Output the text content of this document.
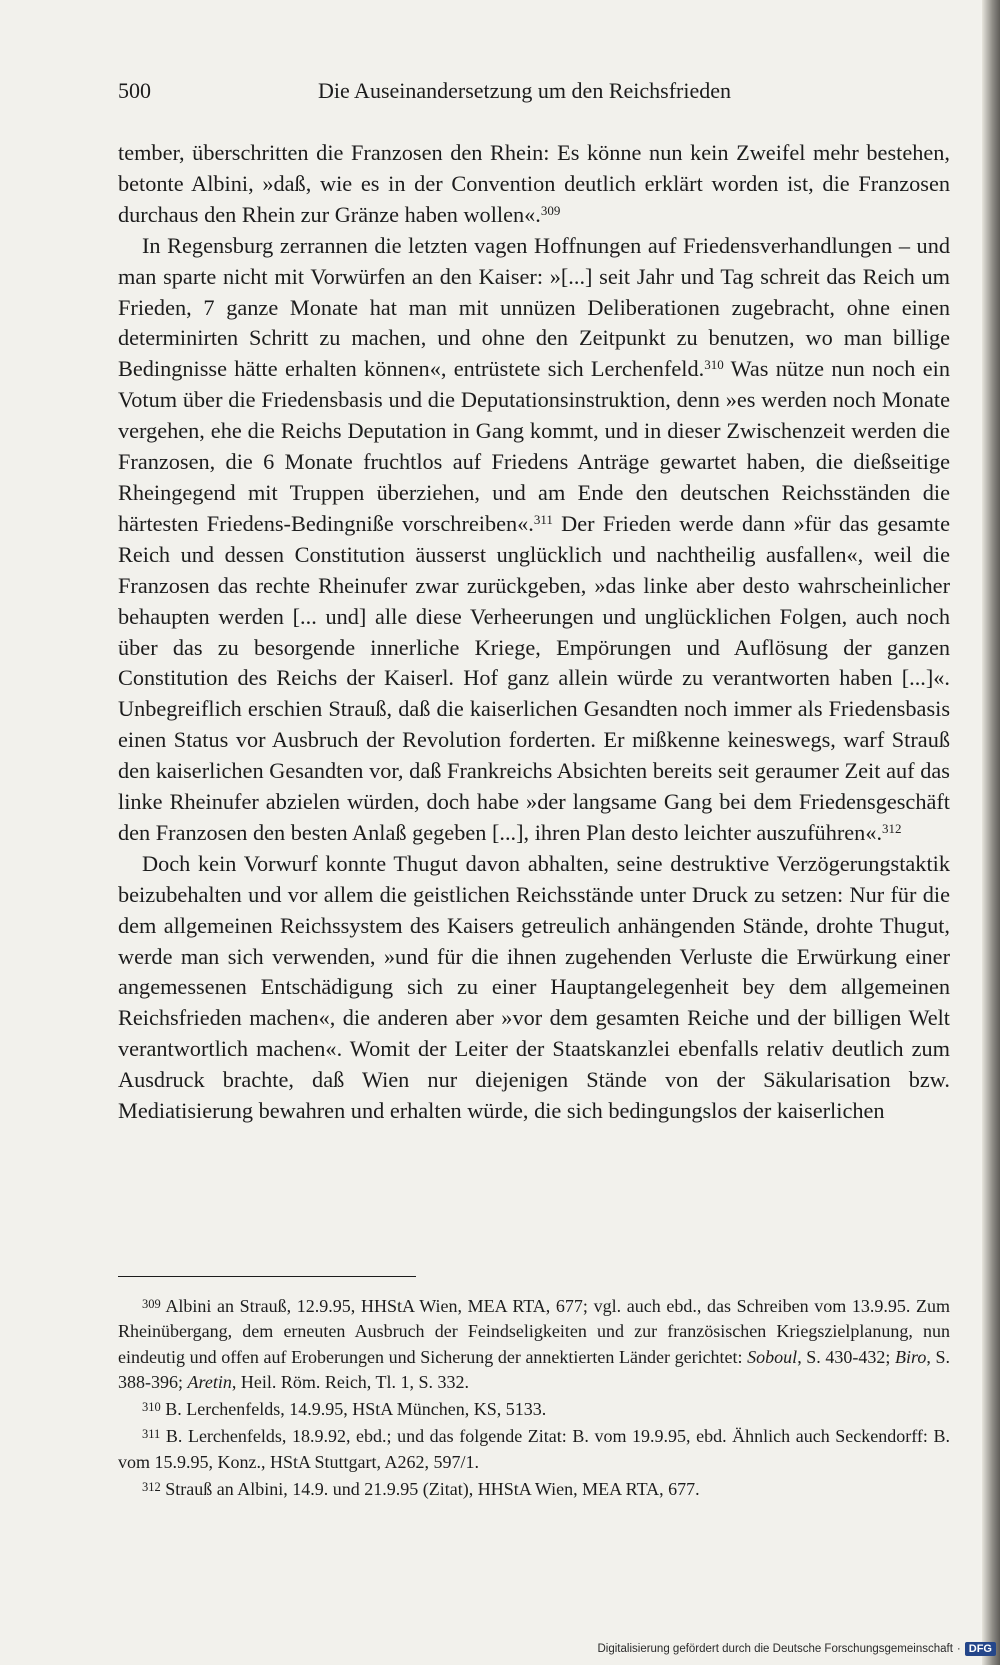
500	Die Auseinandersetzung um den Reichsfrieden

tember, überschritten die Franzosen den Rhein: Es könne nun kein Zweifel mehr bestehen, betonte Albini, »daß, wie es in der Convention deutlich erklärt worden ist, die Franzosen durchaus den Rhein zur Gränze haben wollen«.$^{309}$

In Regensburg zerrannen die letzten vagen Hoffnungen auf Friedensverhandlungen – und man sparte nicht mit Vorwürfen an den Kaiser: »[...] seit Jahr und Tag schreit das Reich um Frieden, 7 ganze Monate hat man mit unnüzen Deliberationen zugebracht, ohne einen determinirten Schritt zu machen, und ohne den Zeitpunkt zu benutzen, wo man billige Bedingnisse hätte erhalten können«, entrüstete sich Lerchenfeld.$^{310}$ Was nütze nun noch ein Votum über die Friedensbasis und die Deputationsinstruktion, denn »es werden noch Monate vergehen, ehe die Reichs Deputation in Gang kommt, und in dieser Zwischenzeit werden die Franzosen, die 6 Monate fruchtlos auf Friedens Anträge gewartet haben, die dießseitige Rheingegend mit Truppen überziehen, und am Ende den deutschen Reichsständen die härtesten Friedens-Bedingniße vorschreiben«.$^{311}$ Der Frieden werde dann »für das gesamte Reich und dessen Constitution äusserst unglücklich und nachtheilig ausfallen«, weil die Franzosen das rechte Rheinufer zwar zurückgeben, »das linke aber desto wahrscheinlicher behaupten werden [... und] alle diese Verheerungen und unglücklichen Folgen, auch noch über das zu besorgende innerliche Kriege, Empörungen und Auflösung der ganzen Constitution des Reichs der Kaiserl. Hof ganz allein würde zu verantworten haben [...]«. Unbegreiflich erschien Strauß, daß die kaiserlichen Gesandten noch immer als Friedensbasis einen Status vor Ausbruch der Revolution forderten. Er mißkenne keineswegs, warf Strauß den kaiserlichen Gesandten vor, daß Frankreichs Absichten bereits seit geraumer Zeit auf das linke Rheinufer abzielen würden, doch habe »der langsame Gang bei dem Friedensgeschäft den Franzosen den besten Anlaß gegeben [...], ihren Plan desto leichter auszuführen«.$^{312}$

Doch kein Vorwurf konnte Thugut davon abhalten, seine destruktive Verzögerungstaktik beizubehalten und vor allem die geistlichen Reichsstände unter Druck zu setzen: Nur für die dem allgemeinen Reichssystem des Kaisers getreulich anhängenden Stände, drohte Thugut, werde man sich verwenden, »und für die ihnen zugehenden Verluste die Erwürkung einer angemessenen Entschädigung sich zu einer Hauptangelegenheit bey dem allgemeinen Reichsfrieden machen«, die anderen aber »vor dem gesamten Reiche und der billigen Welt verantwortlich machen«. Womit der Leiter der Staatskanzlei ebenfalls relativ deutlich zum Ausdruck brachte, daß Wien nur diejenigen Stände von der Säkularisation bzw. Mediatisierung bewahren und erhalten würde, die sich bedingungslos der kaiserlichen

$^{309}$ Albini an Strauß, 12.9.95, HHStA Wien, MEA RTA, 677; vgl. auch ebd., das Schreiben vom 13.9.95. Zum Rheinübergang, dem erneuten Ausbruch der Feindseligkeiten und zur französischen Kriegszielplanung, nun eindeutig und offen auf Eroberungen und Sicherung der annektierten Länder gerichtet: Soboul, S. 430-432; Biro, S. 388-396; Aretin, Heil. Röm. Reich, Tl. 1, S. 332.

$^{310}$ B. Lerchenfelds, 14.9.95, HStA München, KS, 5133.

$^{311}$ B. Lerchenfelds, 18.9.92, ebd.; und das folgende Zitat: B. vom 19.9.95, ebd. Ähnlich auch Seckendorff: B. vom 15.9.95, Konz., HStA Stuttgart, A262, 597/1.

$^{312}$ Strauß an Albini, 14.9. und 21.9.95 (Zitat), HHStA Wien, MEA RTA, 677.

Digitalisierung gefördert durch die Deutsche Forschungsgemeinschaft · DFG
